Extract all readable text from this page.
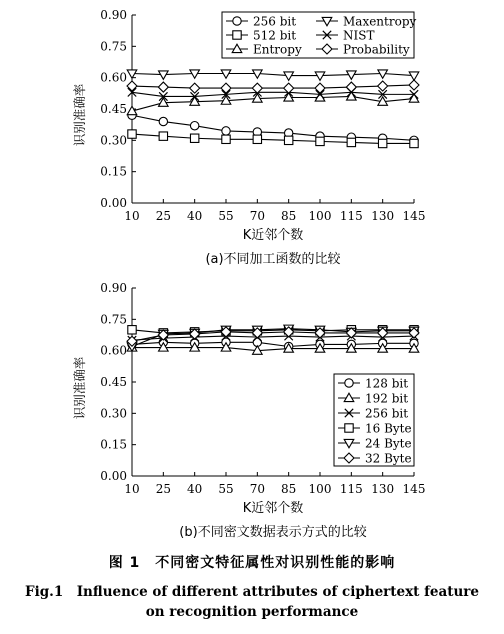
0.00
0.15
0.30
0.45
0.60
0.75
0.90
10 25 40 55 70 85 100 115 130 145
K近邻个数
识别准确率
(a)不同加工函数的比较
256 bit
512 bit
Entropy
Maxentropy
NIST
Probability
0.00
0.15
0.30
0.45
0.60
0.75
0.90
10 25 40 55 70 85 100 115 130 145
K近邻个数
识别准确率
(b)不同密文数据表示方式的比较
128 bit
192 bit
256 bit
16 Byte
24 Byte
32 Byte
图 1　不同密文特征属性对识别性能的影响
Fig.1　Influence of different attributes of ciphertext feature
on recognition performance
